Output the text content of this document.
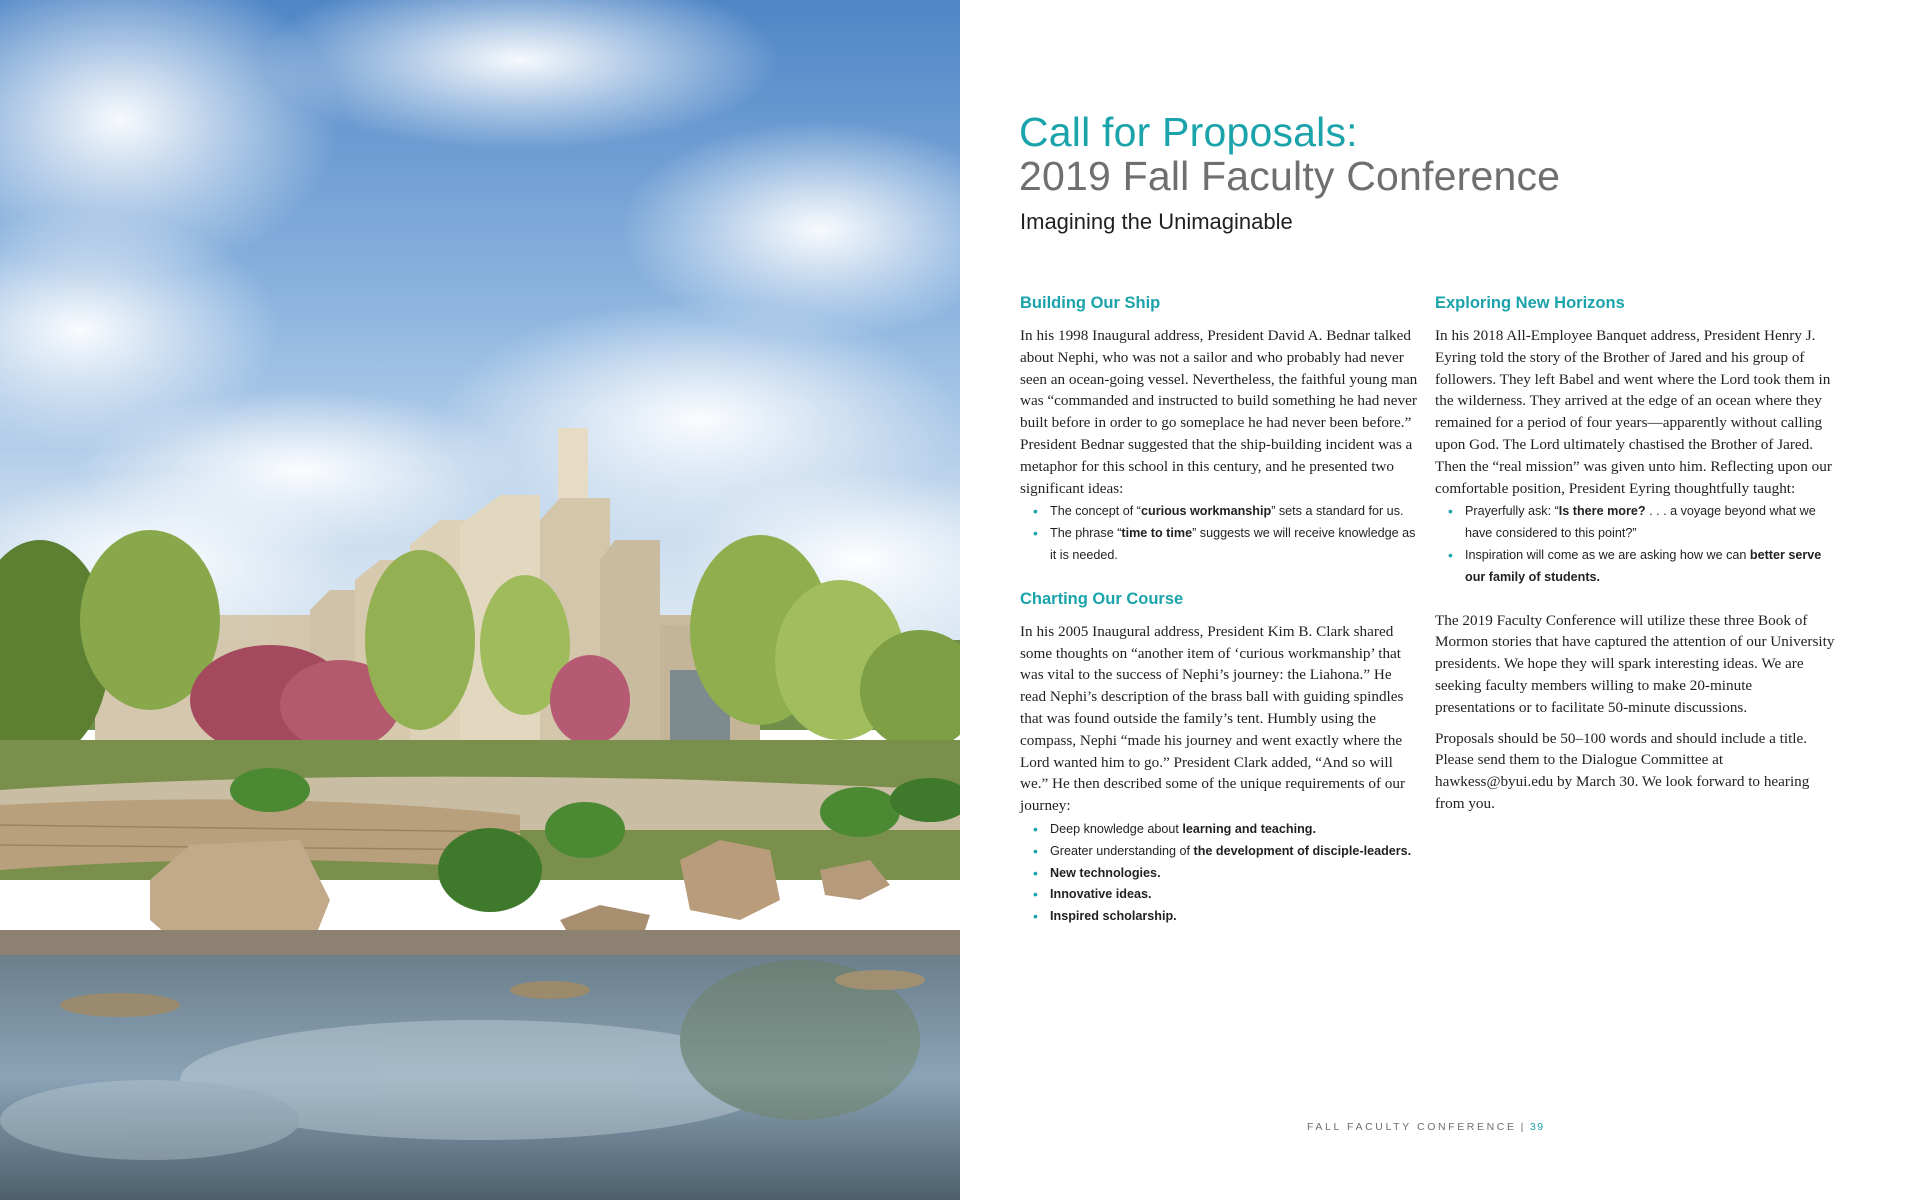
Call for Proposals:
2019 Fall Faculty Conference
Imagining the Unimaginable
Building Our Ship

In his 1998 Inaugural address, President David A. Bednar talked about Nephi, who was not a sailor and who probably had never seen an ocean-going vessel. Nevertheless, the faithful young man was “commanded and instructed to build something he had never built before in order to go someplace he had never been before.” President Bednar suggested that the ship-building incident was a metaphor for this school in this century, and he presented two significant ideas:

• The concept of “curious workmanship” sets a standard for us.
• The phrase “time to time” suggests we will receive knowledge as it is needed.
Charting Our Course

In his 2005 Inaugural address, President Kim B. Clark shared some thoughts on “another item of ‘curious workmanship’ that was vital to the success of Nephi’s journey: the Liahona.” He read Nephi’s description of the brass ball with guiding spindles that was found outside the family’s tent. Humbly using the compass, Nephi “made his journey and went exactly where the Lord wanted him to go.” President Clark added, “And so will we.” He then described some of the unique requirements of our journey:

• Deep knowledge about learning and teaching.
• Greater understanding of the development of disciple-leaders.
• New technologies.
• Innovative ideas.
• Inspired scholarship.
Exploring New Horizons

In his 2018 All-Employee Banquet address, President Henry J. Eyring told the story of the Brother of Jared and his group of followers. They left Babel and went where the Lord took them in the wilderness. They arrived at the edge of an ocean where they remained for a period of four years—apparently without calling upon God. The Lord ultimately chastised the Brother of Jared. Then the “real mission” was given unto him. Reflecting upon our comfortable position, President Eyring thoughtfully taught:

• Prayerfully ask: “Is there more? . . . a voyage beyond what we have considered to this point?”
• Inspiration will come as we are asking how we can better serve our family of students.

The 2019 Faculty Conference will utilize these three Book of Mormon stories that have captured the attention of our University presidents. We hope they will spark interesting ideas. We are seeking faculty members willing to make 20-minute presentations or to facilitate 50-minute discussions.

Proposals should be 50–100 words and should include a title. Please send them to the Dialogue Committee at hawkess@byui.edu by March 30. We look forward to hearing from you.

FALL FACULTY CONFERENCE | 39
